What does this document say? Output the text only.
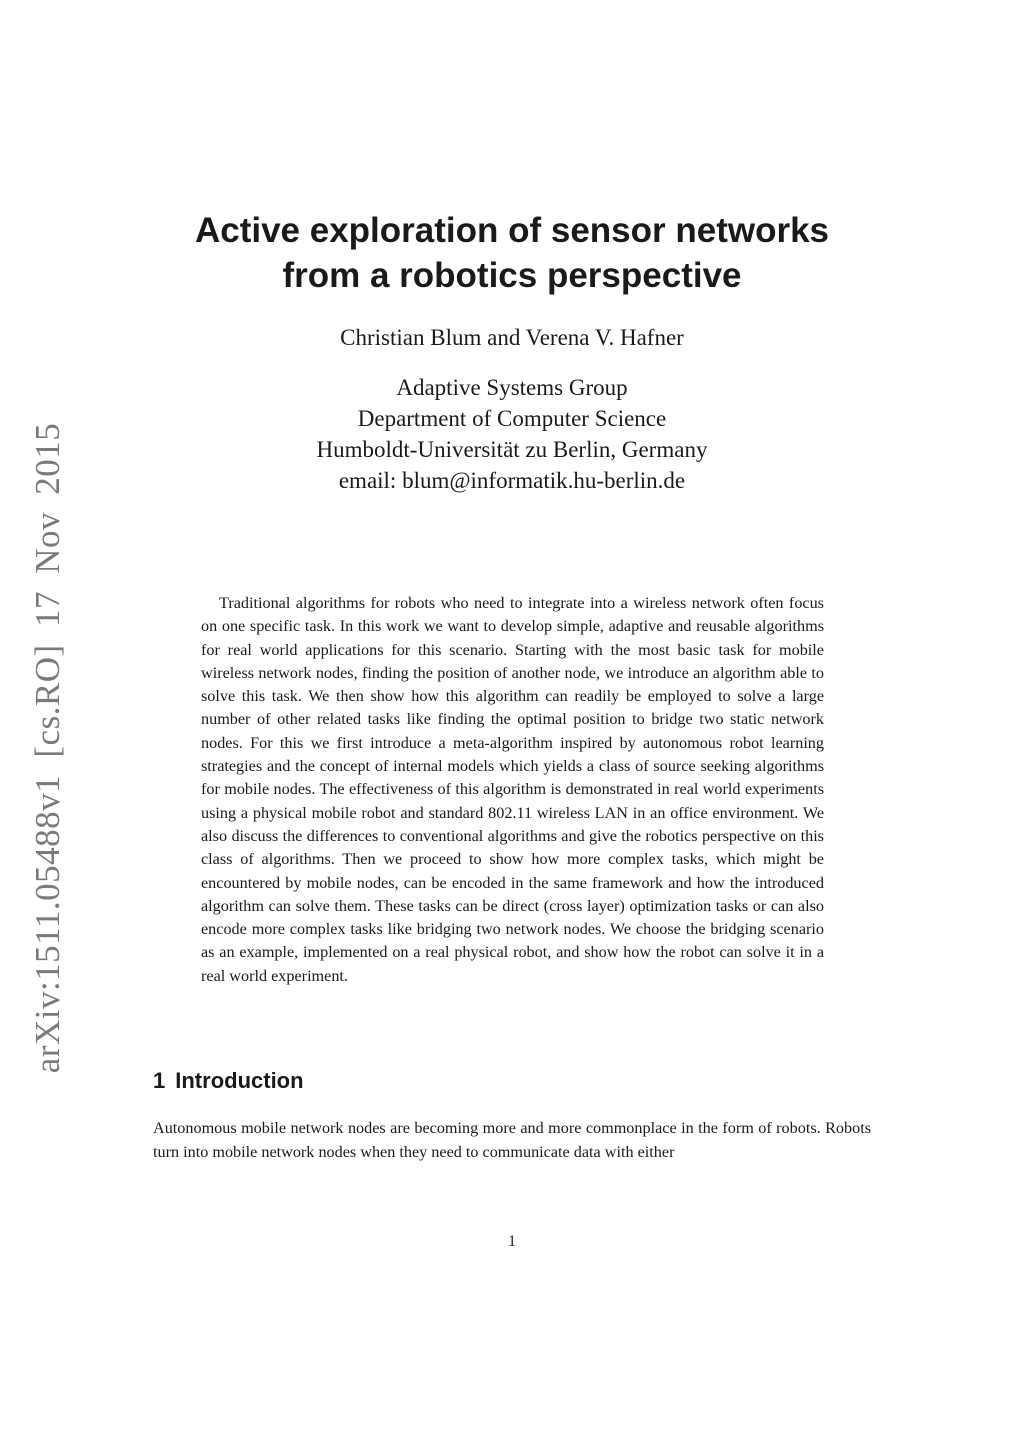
arXiv:1511.05488v1 [cs.RO] 17 Nov 2015
Active exploration of sensor networks
from a robotics perspective

Christian Blum and Verena V. Hafner

Adaptive Systems Group
Department of Computer Science
Humboldt-Universität zu Berlin, Germany
email: blum@informatik.hu-berlin.de

Traditional algorithms for robots who need to integrate into a wireless network often focus on one specific task. In this work we want to develop simple, adaptive and reusable algorithms for real world applications for this scenario. Starting with the most basic task for mobile wireless network nodes, finding the position of another node, we introduce an algorithm able to solve this task. We then show how this algorithm can readily be employed to solve a large number of other related tasks like finding the optimal position to bridge two static network nodes. For this we first introduce a meta-algorithm inspired by autonomous robot learning strategies and the concept of internal models which yields a class of source seeking algorithms for mobile nodes. The effectiveness of this algorithm is demonstrated in real world experiments using a physical mobile robot and standard 802.11 wireless LAN in an office environment. We also discuss the differences to conventional algorithms and give the robotics perspective on this class of algorithms. Then we proceed to show how more complex tasks, which might be encountered by mobile nodes, can be encoded in the same framework and how the introduced algorithm can solve them. These tasks can be direct (cross layer) optimization tasks or can also encode more complex tasks like bridging two network nodes. We choose the bridging scenario as an example, implemented on a real physical robot, and show how the robot can solve it in a real world experiment.

1 Introduction

Autonomous mobile network nodes are becoming more and more commonplace in the form of robots. Robots turn into mobile network nodes when they need to communicate data with either

1
